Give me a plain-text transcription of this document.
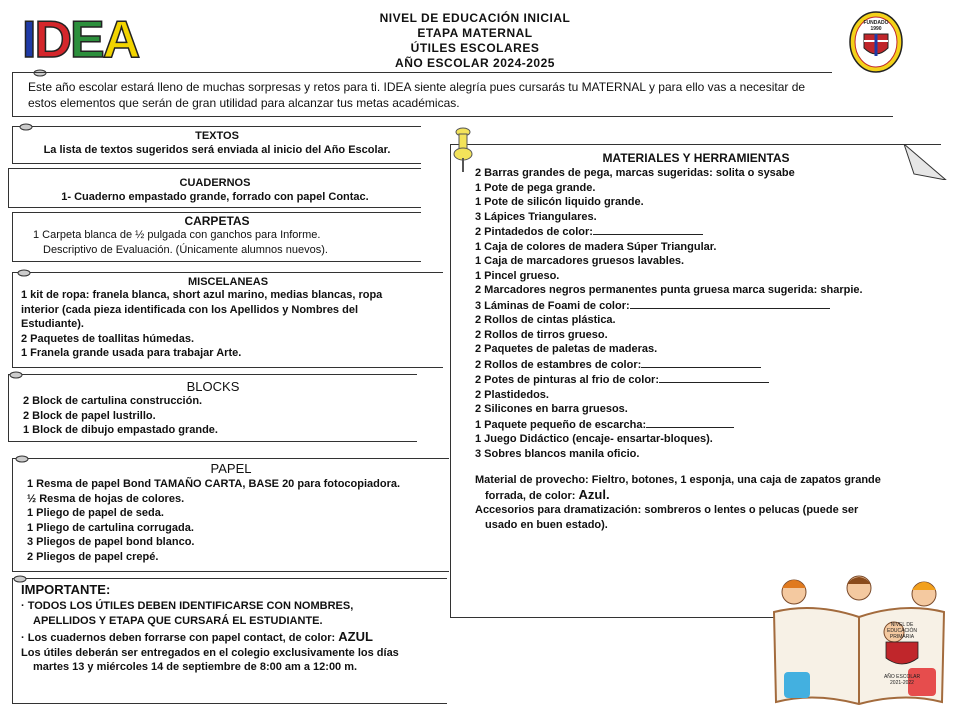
I D E A	NIVEL DE EDUCACIÓN INICIAL
ETAPA MATERNAL
ÚTILES ESCOLARES
AÑO ESCOLAR 2024-2025
FUNDADO
1990
Este año escolar estará lleno de muchas sorpresas y retos para ti. IDEA siente alegría pues cursarás tu MATERNAL y para ello vas a necesitar de
estos elementos que serán de gran utilidad para alcanzar tus metas académicas.
TEXTOS
La lista de textos sugeridos será enviada al inicio del Año Escolar.
CUADERNOS
1- Cuaderno empastado grande, forrado con papel Contac.
CARPETAS
1 Carpeta blanca de ½ pulgada con ganchos para Informe.
Descriptivo de Evaluación. (Únicamente alumnos nuevos).
MISCELANEAS
1 kit de ropa: franela blanca, short azul marino, medias blancas, ropa
interior (cada pieza identificada con los Apellidos y Nombres del
Estudiante).
2 Paquetes de toallitas húmedas.
1 Franela grande usada para trabajar Arte.
BLOCKS
2 Block de cartulina construcción.
2 Block de papel lustrillo.
1 Block de dibujo empastado grande.
PAPEL
1 Resma de papel Bond TAMAÑO CARTA, BASE 20 para fotocopiadora.
½ Resma de hojas de colores.
1 Pliego de papel de seda.
1 Pliego de cartulina corrugada.
3 Pliegos de papel bond blanco.
2 Pliegos de papel crepé.
IMPORTANTE:
· TODOS LOS ÚTILES DEBEN IDENTIFICARSE CON NOMBRES,
APELLIDOS Y ETAPA QUE CURSARÁ EL ESTUDIANTE.
· Los cuadernos deben forrarse con papel contact, de color: AZUL
Los útiles deberán ser entregados en el colegio exclusivamente los días
martes 13 y miércoles 14 de septiembre de 8:00 am a 12:00 m.
MATERIALES Y HERRAMIENTAS
2 Barras grandes de pega, marcas sugeridas: solita o sysabe
1 Pote de pega grande.
1 Pote de silicón liquido grande.
3 Lápices Triangulares.
2 Pintadedos de color:
1 Caja de colores de madera Súper Triangular.
1 Caja de marcadores gruesos lavables.
1 Pincel grueso.
2 Marcadores negros permanentes punta gruesa marca sugerida: sharpie.
3 Láminas de Foami de color:
2 Rollos de cintas plástica.
2 Rollos de tirros grueso.
2 Paquetes de paletas de maderas.
2 Rollos de estambres de color:
2 Potes de pinturas al frio de color:
2 Plastidedos.
2 Silicones en barra gruesos.
1 Paquete pequeño de escarcha:
1 Juego Didáctico (encaje- ensartar-bloques).
3 Sobres blancos manila oficio.
Material de provecho: Fieltro, botones, 1 esponja, una caja de zapatos grande
forrada, de color: Azul.
Accesorios para dramatización: sombreros o lentes o pelucas (puede ser
usado en buen estado).
NIVEL DE
EDUCACIÓN
PRIMARIA
AÑO ESCOLAR
2021-2022
